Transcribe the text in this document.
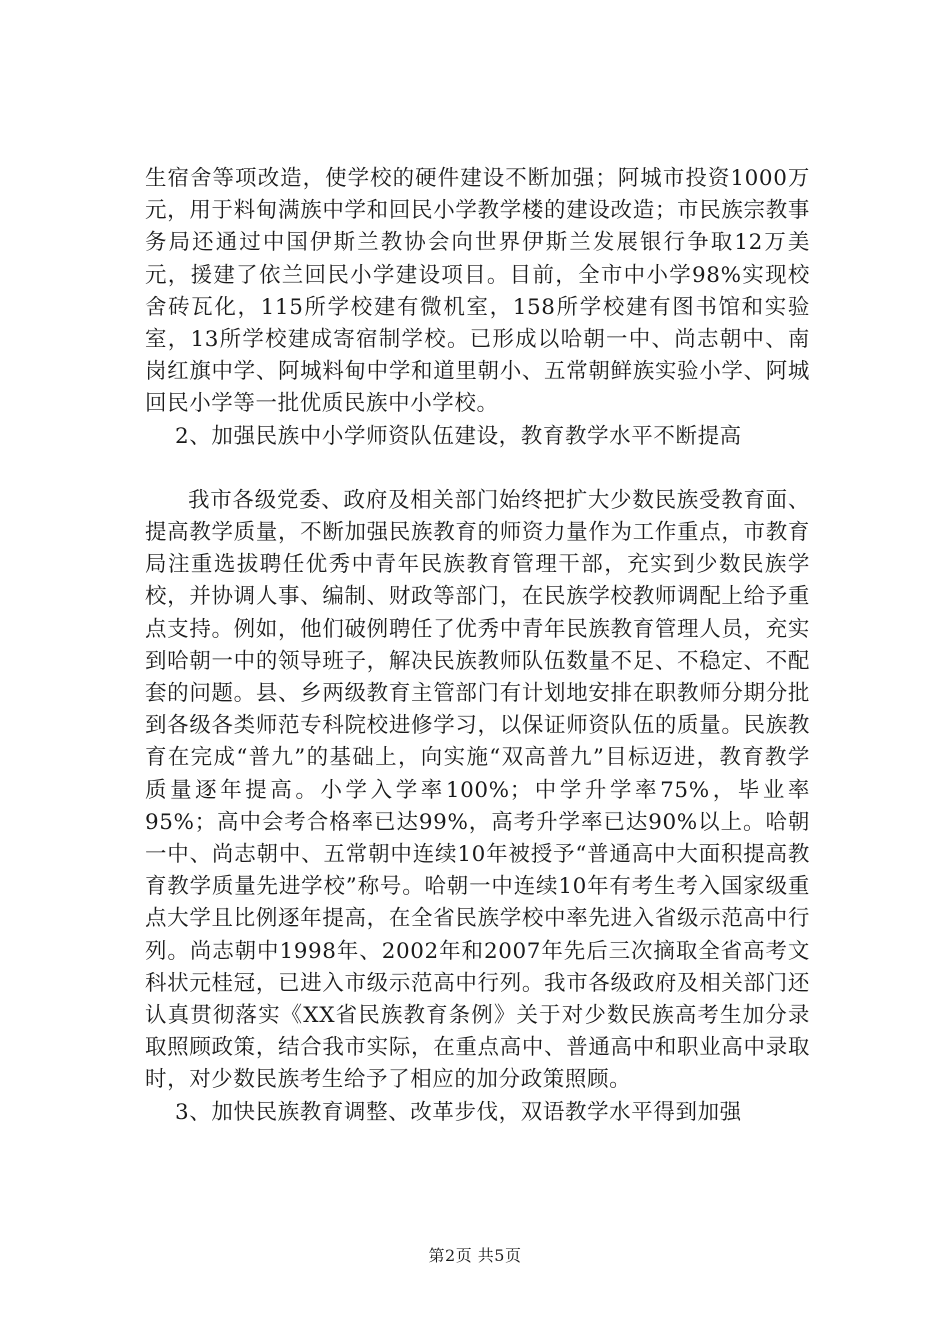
生宿舍等项改造，使学校的硬件建设不断加强；阿城市投资1000万元，用于料甸满族中学和回民小学教学楼的建设改造；市民族宗教事务局还通过中国伊斯兰教协会向世界伊斯兰发展银行争取12万美元，援建了依兰回民小学建设项目。目前，全市中小学98%实现校舍砖瓦化，115所学校建有微机室，158所学校建有图书馆和实验室，13所学校建成寄宿制学校。已形成以哈朝一中、尚志朝中、南岗红旗中学、阿城料甸中学和道里朝小、五常朝鲜族实验小学、阿城回民小学等一批优质民族中小学校。

2、加强民族中小学师资队伍建设，教育教学水平不断提高

我市各级党委、政府及相关部门始终把扩大少数民族受教育面、提高教学质量，不断加强民族教育的师资力量作为工作重点，市教育局注重选拔聘任优秀中青年民族教育管理干部，充实到少数民族学校，并协调人事、编制、财政等部门，在民族学校教师调配上给予重点支持。例如，他们破例聘任了优秀中青年民族教育管理人员，充实到哈朝一中的领导班子，解决民族教师队伍数量不足、不稳定、不配套的问题。县、乡两级教育主管部门有计划地安排在职教师分期分批到各级各类师范专科院校进修学习，以保证师资队伍的质量。民族教育在完成“普九”的基础上，向实施“双高普九”目标迈进，教育教学质量逐年提高。小学入学率100%；中学升学率75%，毕业率95%；高中会考合格率已达99%，高考升学率已达90%以上。哈朝一中、尚志朝中、五常朝中连续10年被授予“普通高中大面积提高教育教学质量先进学校”称号。哈朝一中连续10年有考生考入国家级重点大学且比例逐年提高，在全省民族学校中率先进入省级示范高中行列。尚志朝中1998年、2002年和2007年先后三次摘取全省高考文科状元桂冠，已进入市级示范高中行列。我市各级政府及相关部门还认真贯彻落实《XX省民族教育条例》关于对少数民族高考生加分录取照顾政策，结合我市实际，在重点高中、普通高中和职业高中录取时，对少数民族考生给予了相应的加分政策照顾。

3、加快民族教育调整、改革步伐，双语教学水平得到加强

第2页 共5页
